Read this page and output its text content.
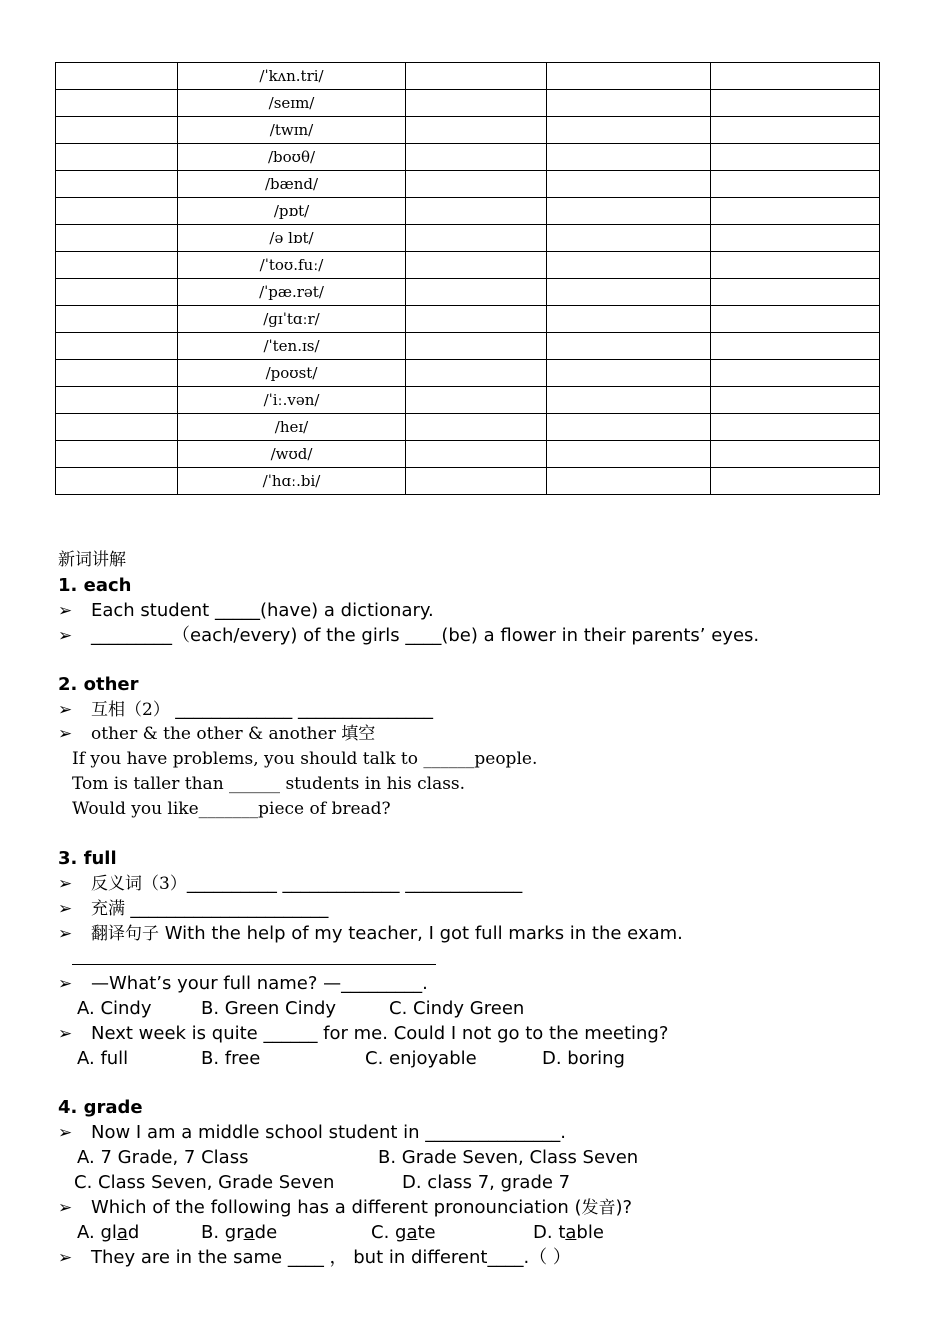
	/ˈkʌn.tri/			
	/seɪm/			
	/twɪn/			
	/boʊθ/			
	/bænd/			
	/pɒt/			
	/ə lɒt/			
	/ˈtoʊ.fuː/			
	/ˈpæ.rət/			
	/ɡɪˈtɑːr/			
	/ˈten.ɪs/			
	/poʊst/			
	/ˈiː.vən/			
	/heɪ/			
	/wʊd/			
	/ˈhɑː.bi/			
新词讲解
1. each
➢ Each student _____(have) a dictionary.
➢ _________（each/every) of the girls ____(be) a flower in their parents’ eyes.
2. other
➢ 互相（2） _____________ _______________
➢ other & the other & another 填空
If you have problems, you should talk to ______people.
Tom is taller than ______ students in his class.
Would you like_______piece of bread?
3. full
➢ 反义词（3）__________ _____________ _____________
➢ 充满 ______________________
➢ 翻译句子 With the help of my teacher, I got full marks in the exam.
➢ —What’s your full name? —_________.
A. Cindy	B. Green Cindy	C. Cindy Green
➢ Next week is quite ______ for me. Could I not go to the meeting?
A. full	B. free	C. enjoyable	D. boring
4. grade
➢ Now I am a middle school student in _______________.
A. 7 Grade, 7 Class	B. Grade Seven, Class Seven
C. Class Seven, Grade Seven	D. class 7, grade 7
➢ Which of the following has a different pronounciation (发音)?
A. glad	B. grade	C. gate	D. table
➢ They are in the same ____ ， but in different____.（ ）
